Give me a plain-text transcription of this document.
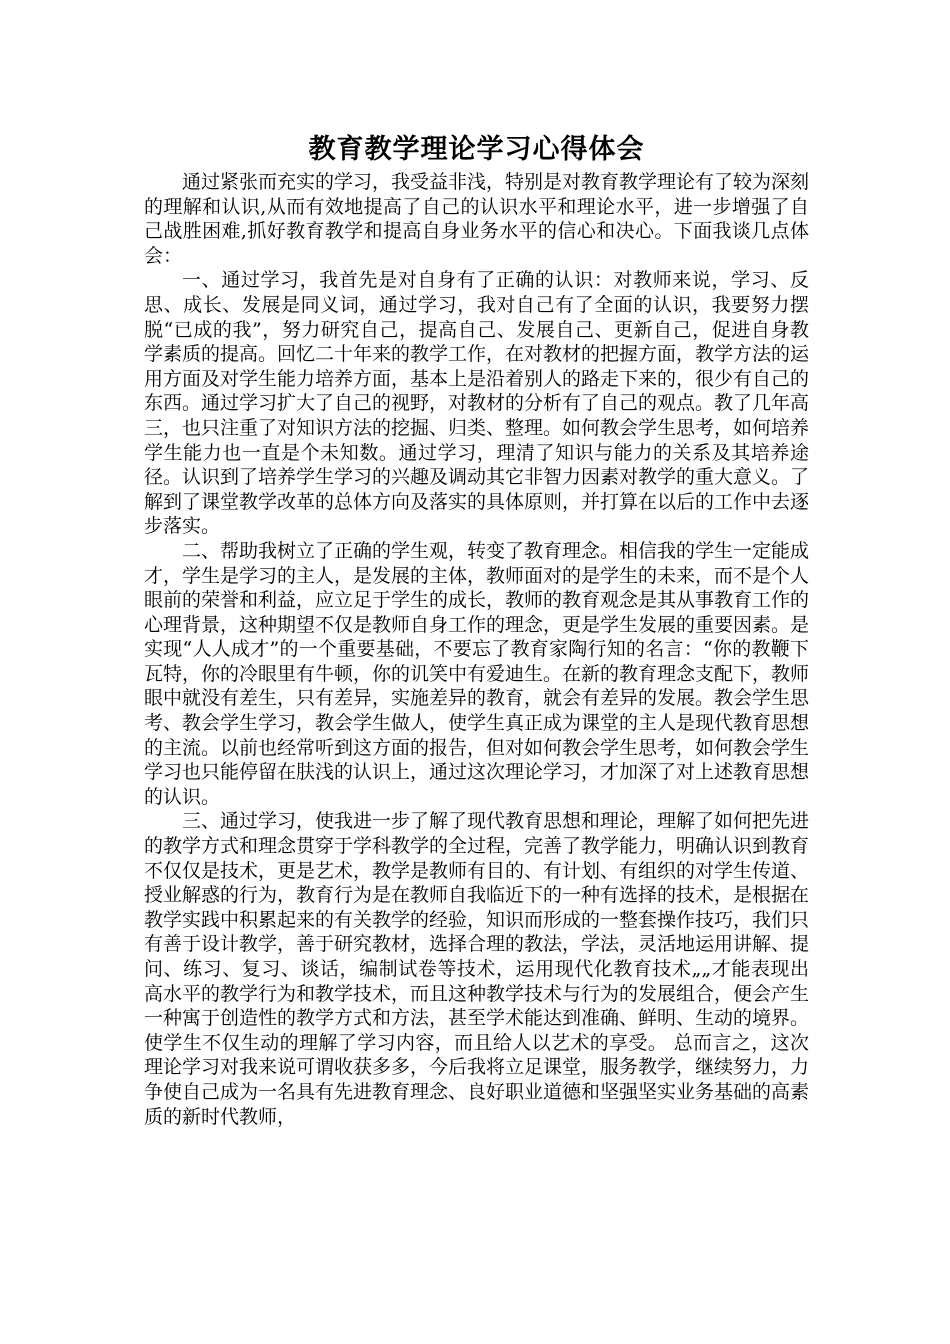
教育教学理论学习心得体会

通过紧张而充实的学习，我受益非浅，特别是对教育教学理论有了较为深刻的理解和认识,从而有效地提高了自己的认识水平和理论水平，进一步增强了自己战胜困难,抓好教育教学和提高自身业务水平的信心和决心。下面我谈几点体会：

一、通过学习，我首先是对自身有了正确的认识：对教师来说，学习、反思、成长、发展是同义词，通过学习，我对自己有了全面的认识，我要努力摆脱“已成的我”，努力研究自己，提高自己、发展自己、更新自己，促进自身教学素质的提高。回忆二十年来的教学工作，在对教材的把握方面，教学方法的运用方面及对学生能力培养方面，基本上是沿着别人的路走下来的，很少有自己的东西。通过学习扩大了自己的视野，对教材的分析有了自己的观点。教了几年高三，也只注重了对知识方法的挖掘、归类、整理。如何教会学生思考，如何培养学生能力也一直是个未知数。通过学习，理清了知识与能力的关系及其培养途径。认识到了培养学生学习的兴趣及调动其它非智力因素对教学的重大意义。了解到了课堂教学改革的总体方向及落实的具体原则，并打算在以后的工作中去逐步落实。

二、帮助我树立了正确的学生观，转变了教育理念。相信我的学生一定能成才，学生是学习的主人，是发展的主体，教师面对的是学生的未来，而不是个人眼前的荣誉和利益，应立足于学生的成长，教师的教育观念是其从事教育工作的心理背景，这种期望不仅是教师自身工作的理念，更是学生发展的重要因素。是实现“人人成才”的一个重要基础，不要忘了教育家陶行知的名言：“你的教鞭下瓦特，你的冷眼里有牛顿，你的讥笑中有爱迪生。在新的教育理念支配下，教师眼中就没有差生，只有差异，实施差异的教育，就会有差异的发展。教会学生思考、教会学生学习，教会学生做人，使学生真正成为课堂的主人是现代教育思想的主流。以前也经常听到这方面的报告，但对如何教会学生思考，如何教会学生学习也只能停留在肤浅的认识上，通过这次理论学习，才加深了对上述教育思想的认识。

三、通过学习，使我进一步了解了现代教育思想和理论，理解了如何把先进的教学方式和理念贯穿于学科教学的全过程，完善了教学能力，明确认识到教育不仅仅是技术，更是艺术，教学是教师有目的、有计划、有组织的对学生传道、授业解惑的行为，教育行为是在教师自我临近下的一种有选择的技术，是根据在教学实践中积累起来的有关教学的经验，知识而形成的一整套操作技巧，我们只有善于设计教学，善于研究教材，选择合理的教法，学法，灵活地运用讲解、提问、练习、复习、谈话，编制试卷等技术，运用现代化教育技术„„才能表现出高水平的教学行为和教学技术，而且这种教学技术与行为的发展组合，便会产生一种寓于创造性的教学方式和方法，甚至学术能达到准确、鲜明、生动的境界。使学生不仅生动的理解了学习内容，而且给人以艺术的享受。 总而言之，这次理论学习对我来说可谓收获多多，今后我将立足课堂，服务教学，继续努力，力争使自己成为一名具有先进教育理念、良好职业道德和坚强坚实业务基础的高素质的新时代教师，
